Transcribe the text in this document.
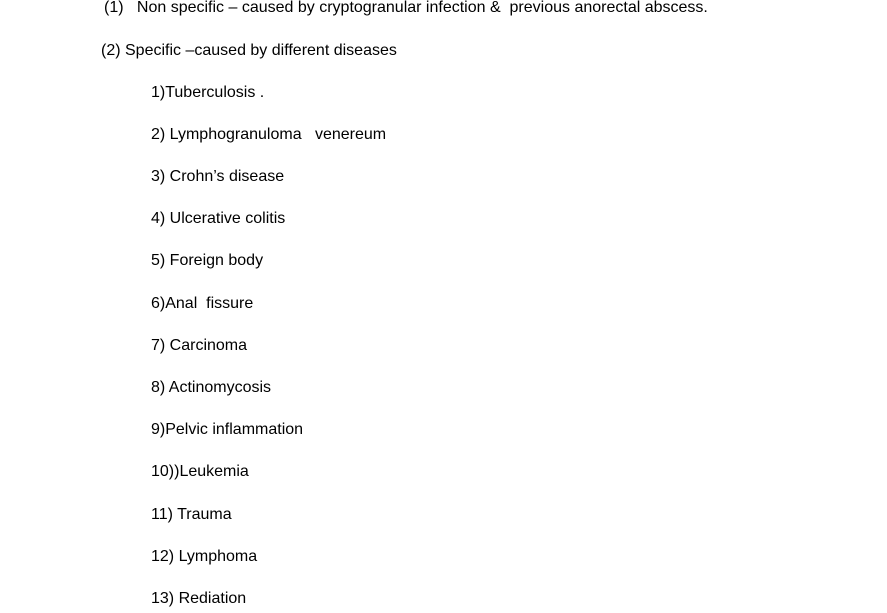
(1)   Non specific – caused by cryptogranular infection &  previous anorectal abscess.
(2) Specific –caused by different diseases
1)Tuberculosis .
2) Lymphogranuloma   venereum
3) Crohn’s disease
4) Ulcerative colitis
5) Foreign body
6)Anal  fissure
7) Carcinoma
8) Actinomycosis
9)Pelvic inflammation
10))Leukemia
11) Trauma
12) Lymphoma
13) Rediation
